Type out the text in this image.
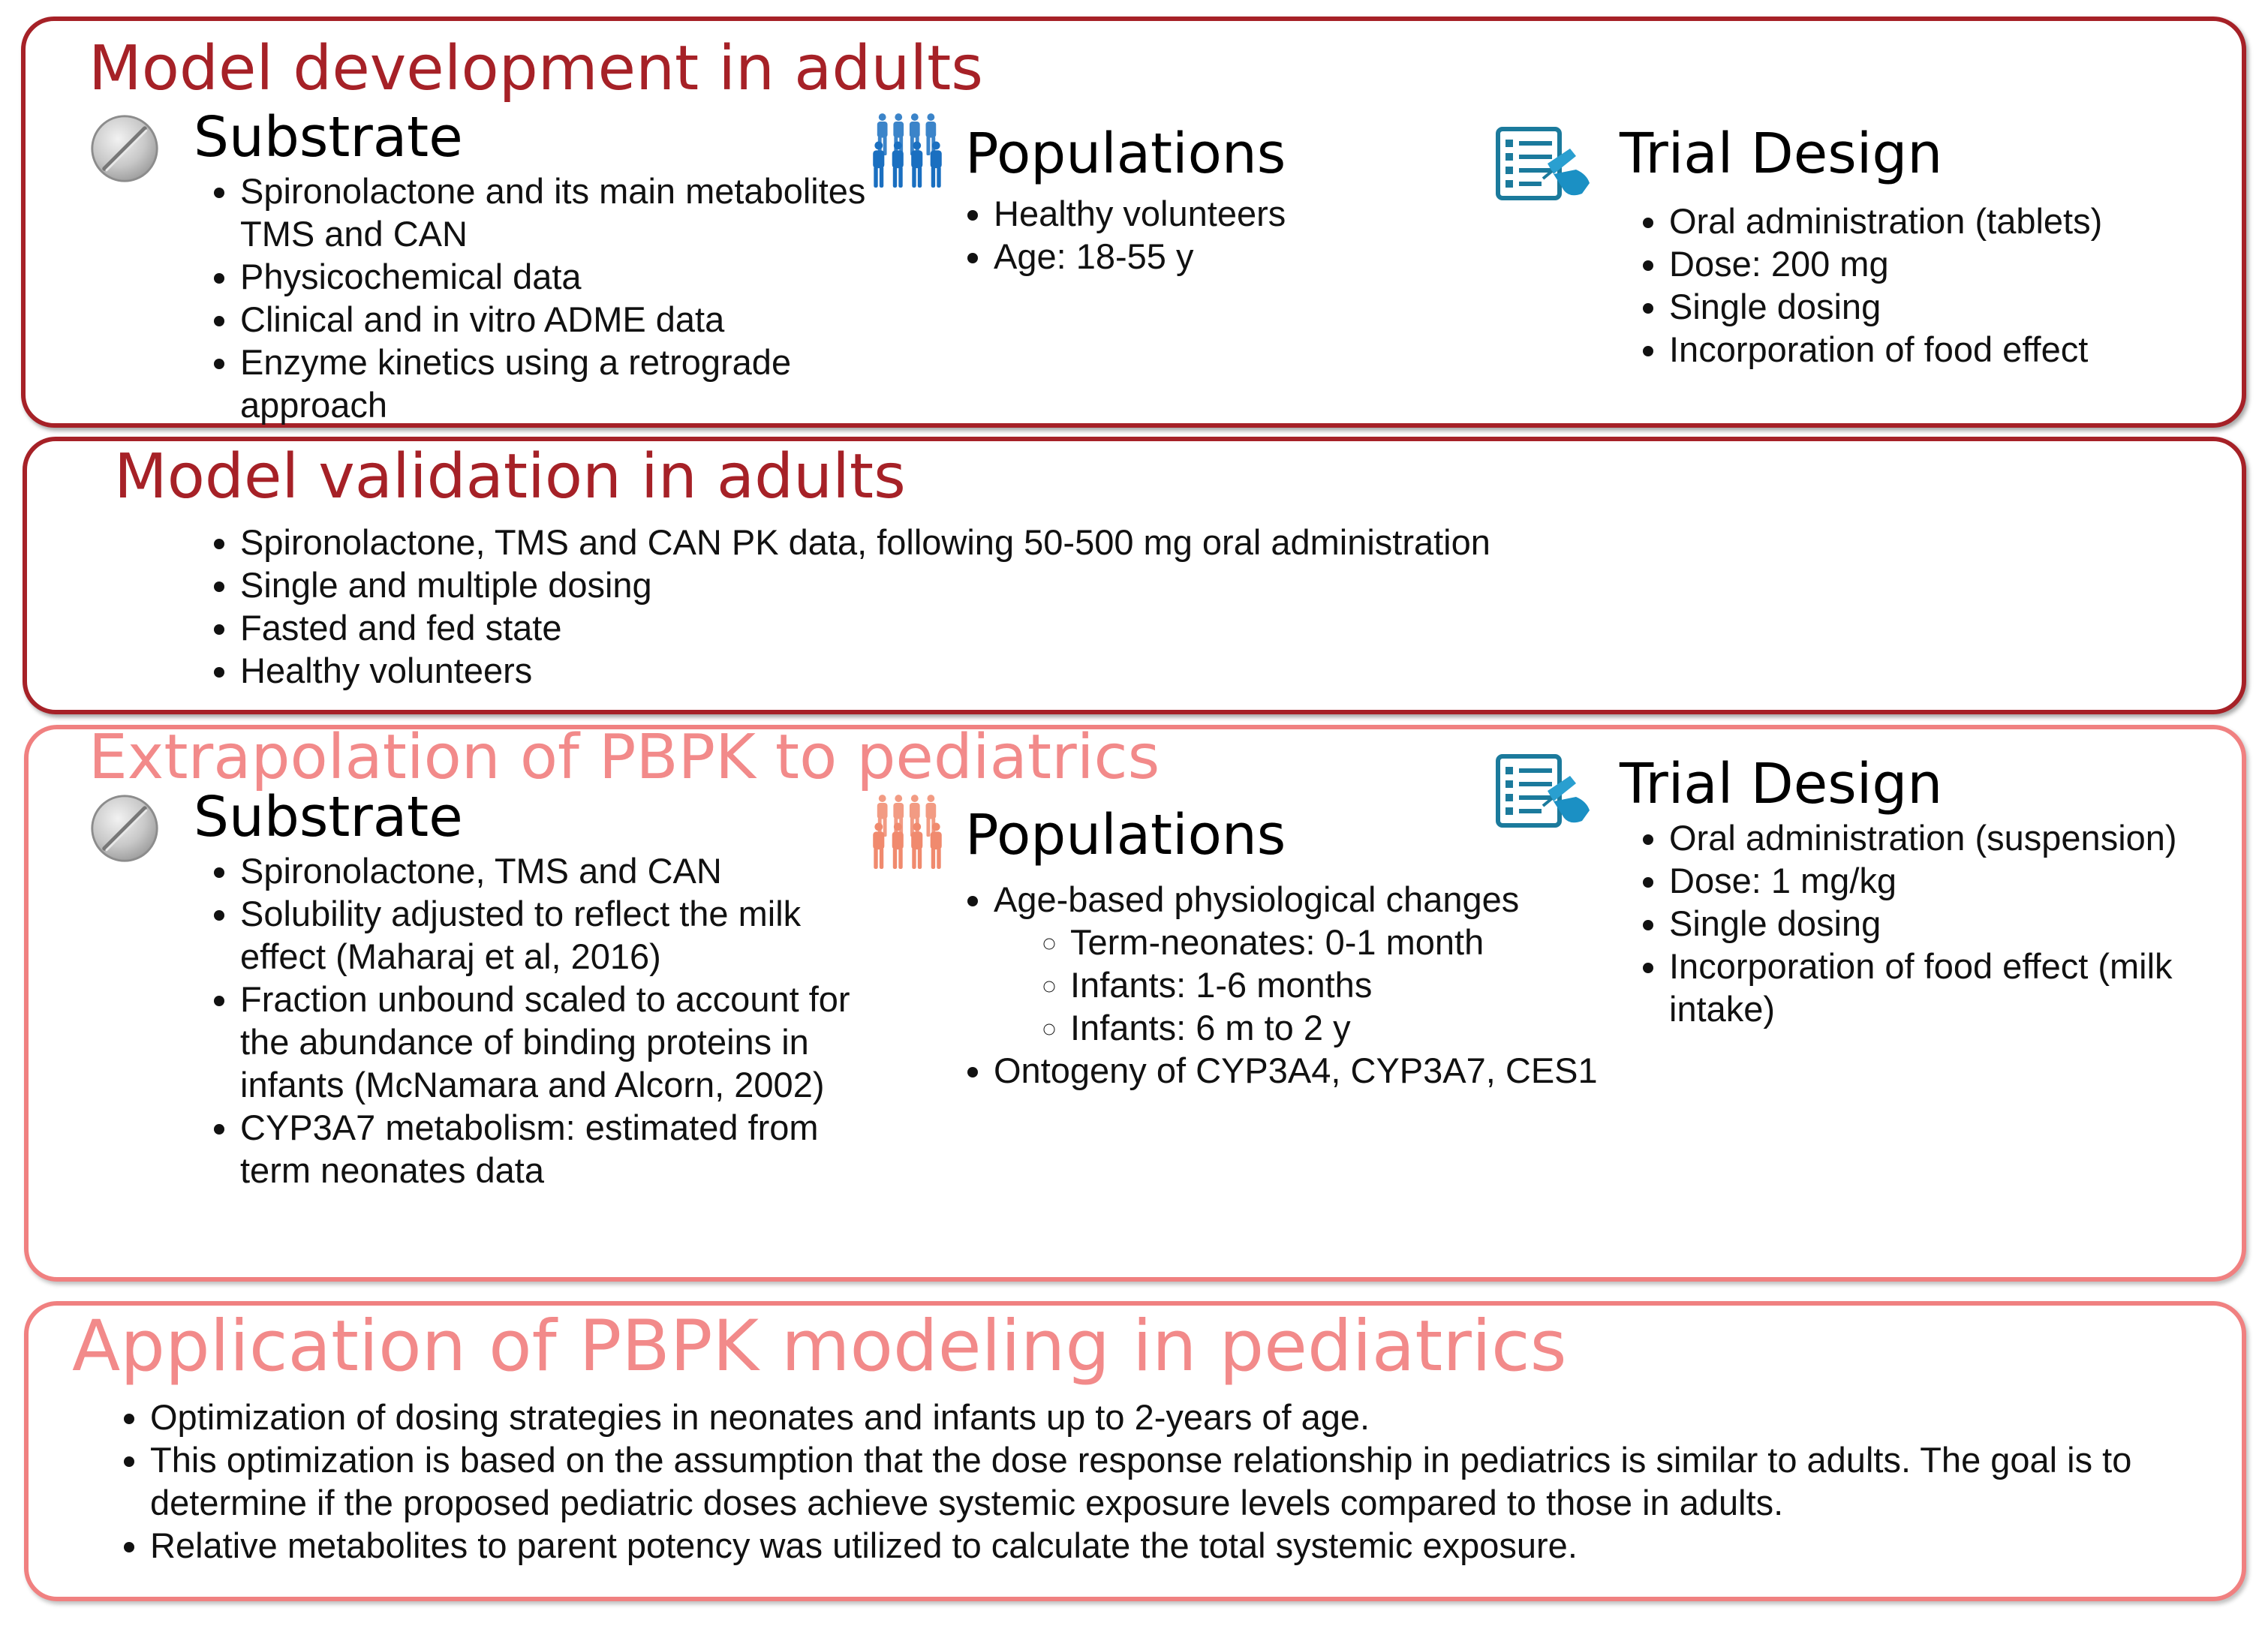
Model development in adults
Substrate
• Spironolactone and its main metabolites TMS and CAN
• Physicochemical data
• Clinical and in vitro ADME data
• Enzyme kinetics using a retrograde approach
Populations
• Healthy volunteers
• Age: 18-55 y
Trial Design
• Oral administration (tablets)
• Dose: 200 mg
• Single dosing
• Incorporation of food effect
Model validation in adults
• Spironolactone, TMS and CAN PK data, following 50-500 mg oral administration
• Single and multiple dosing
• Fasted and fed state
• Healthy volunteers
Extrapolation of PBPK to pediatrics
Substrate
• Spironolactone, TMS and CAN
• Solubility adjusted to reflect the milk effect (Maharaj et al, 2016)
• Fraction unbound scaled to account for the abundance of binding proteins in infants (McNamara and Alcorn, 2002)
• CYP3A7 metabolism: estimated from term neonates data
Populations
• Age-based physiological changes
◦ Term-neonates: 0-1 month
◦ Infants: 1-6 months
◦ Infants: 6 m to 2 y
• Ontogeny of CYP3A4, CYP3A7, CES1
Trial Design
• Oral administration (suspension)
• Dose: 1 mg/kg
• Single dosing
• Incorporation of food effect (milk intake)
Application of PBPK modeling in pediatrics
• Optimization of dosing strategies in neonates and infants up to 2-years of age.
• This optimization is based on the assumption that the dose response relationship in pediatrics is similar to adults. The goal is to determine if the proposed pediatric doses achieve systemic exposure levels compared to those in adults.
• Relative metabolites to parent potency was utilized to calculate the total systemic exposure.
